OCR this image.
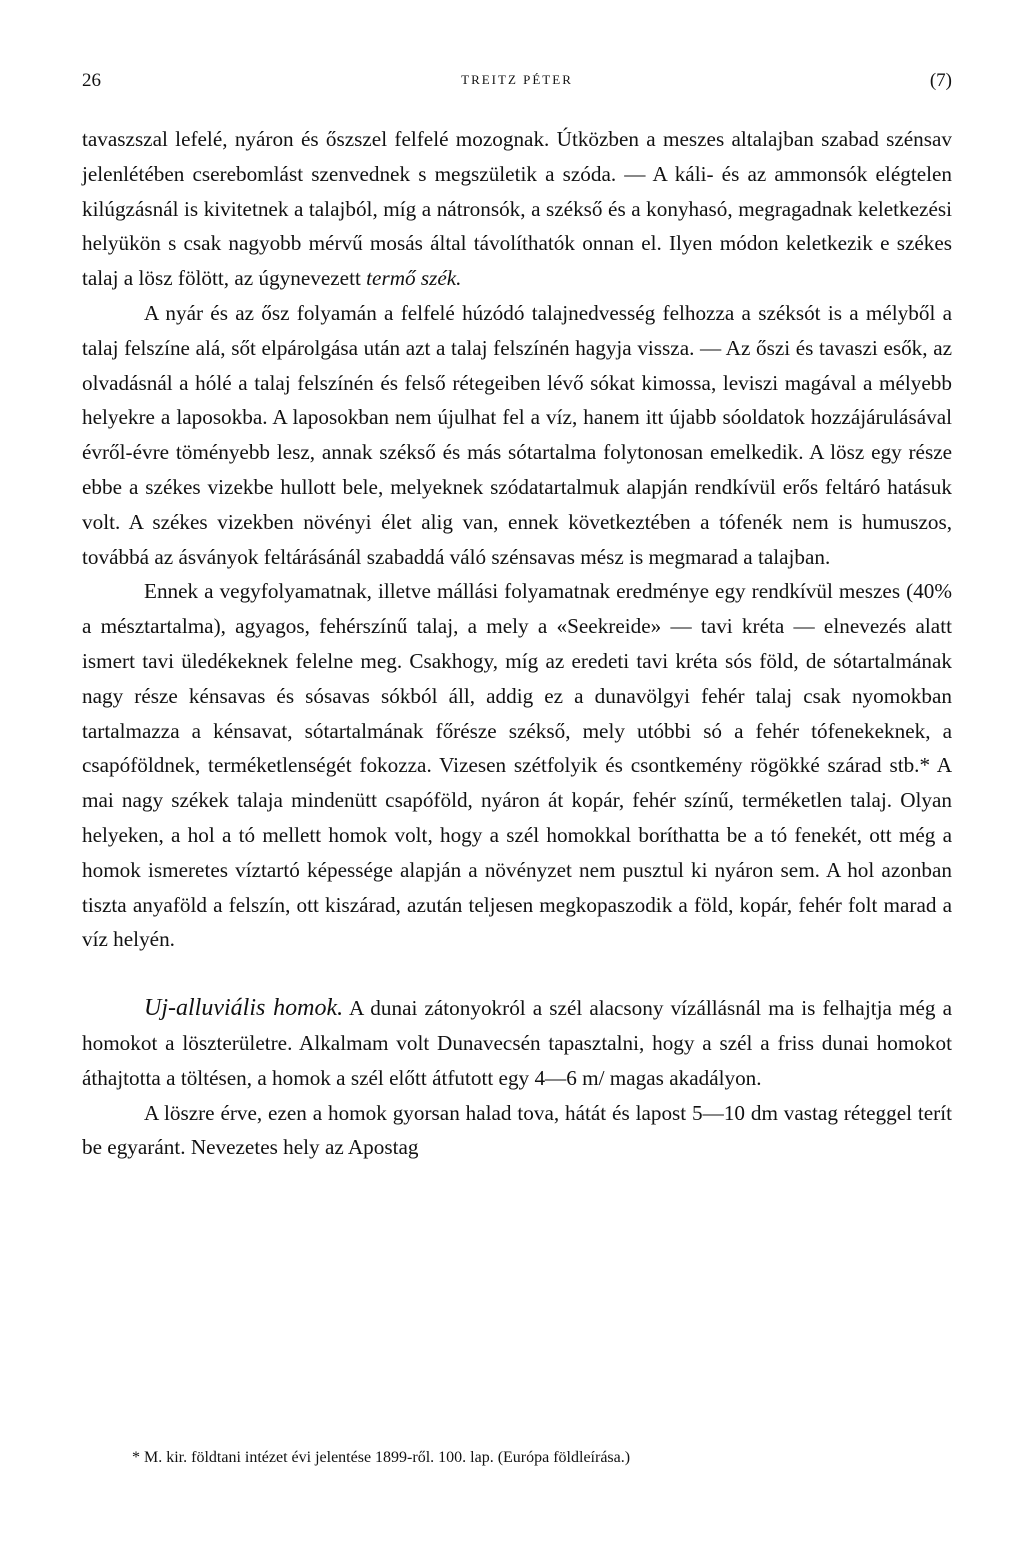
26	TREITZ PÉTER	(7)

tavaszszal lefelé, nyáron és őszszel felfelé mozognak. Útközben a meszes altalajban szabad szénsav jelenlétében cserebomlást szenvednek s megszületik a szóda. — A káli- és az ammonsók elégtelen kilúgzásnál is kivitetnek a talajból, míg a nátronsók, a székső és a konyhasó, megragadnak keletkezési helyükön s csak nagyobb mérvű mosás által távolíthatók onnan el. Ilyen módon keletkezik e székes talaj a lösz fölött, az úgynevezett termő szék.

A nyár és az ősz folyamán a felfelé húzódó talajnedvesség felhozza a széksót is a mélyből a talaj felszíne alá, sőt elpárolgása után azt a talaj felszínén hagyja vissza. — Az őszi és tavaszi esők, az olvadásnál a hólé a talaj felszínén és felső rétegeiben lévő sókat kimossa, leviszi magával a mélyebb helyekre a laposokba. A laposokban nem újulhat fel a víz, hanem itt újabb sóoldatok hozzájárulásával évről-évre töményebb lesz, annak székső és más sótartalma folytonosan emelkedik. A lösz egy része ebbe a székes vizekbe hullott bele, melyeknek szódatartalmuk alapján rendkívül erős feltáró hatásuk volt. A székes vizekben növényi élet alig van, ennek következtében a tófenék nem is humuszos, továbbá az ásványok feltárásánál szabaddá váló szénsavas mész is megmarad a talajban.

Ennek a vegyfolyamatnak, illetve mállási folyamatnak eredménye egy rendkívül meszes (40% a mésztartalma), agyagos, fehérszínű talaj, a mely a «Seekreide» — tavi kréta — elnevezés alatt ismert tavi üledékeknek felelne meg. Csakhogy, míg az eredeti tavi kréta sós föld, de sótartalmának nagy része kénsavas és sósavas sókból áll, addig ez a dunavölgyi fehér talaj csak nyomokban tartalmazza a kénsavat, sótartalmának főrésze székső, mely utóbbi só a fehér tófenekeknek, a csapóföldnek, terméketlenségét fokozza. Vizesen szétfolyik és csontkemény rögökké szárad stb.* A mai nagy székek talaja mindenütt csapóföld, nyáron át kopár, fehér színű, terméketlen talaj. Olyan helyeken, a hol a tó mellett homok volt, hogy a szél homokkal boríthatta be a tó fenekét, ott még a homok ismeretes víztartó képessége alapján a növényzet nem pusztul ki nyáron sem. A hol azonban tiszta anyaföld a felszín, ott kiszárad, azután teljesen megkopaszodik a föld, kopár, fehér folt marad a víz helyén.

Uj-alluviális homok. A dunai zátonyokról a szél alacsony vízállásnál ma is felhajtja még a homokot a löszterületre. Alkalmam volt Dunavecsén tapasztalni, hogy a szél a friss dunai homokot áthajtotta a töltésen, a homok a szél előtt átfutott egy 4—6 m/ magas akadályon.

A löszre érve, ezen a homok gyorsan halad tova, hátát és lapost 5—10 dm vastag réteggel terít be egyaránt. Nevezetes hely az Apostag

* M. kir. földtani intézet évi jelentése 1899-ről. 100. lap. (Európa földleírása.)
